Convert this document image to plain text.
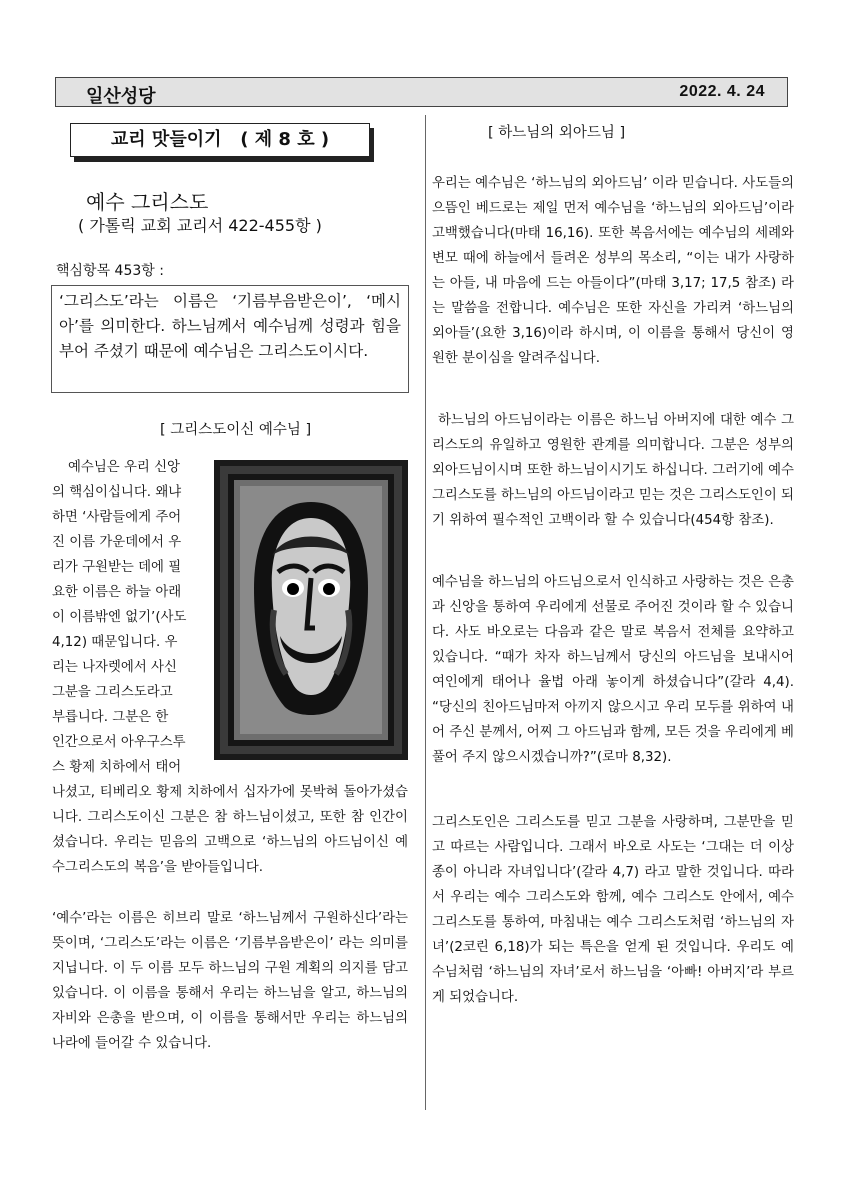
일산성당	2022. 4. 24
교리 맛들이기   ( 제 8 호 )
예수 그리스도
( 가톨릭 교회 교리서 422-455항 )
핵심항목 453항 :
‘그리스도’라는 이름은 ‘기름부음받은이’, ‘메시아’를 의미한다. 하느님께서 예수님께 성령과 힘을 부어 주셨기 때문에 예수님은 그리스도이시다.
[ 그리스도이신 예수님 ]
예수님은 우리 신앙
의 핵심이십니다. 왜냐
하면 ‘사람들에게 주어
진 이름 가운데에서 우
리가 구원받는 데에 필
요한 이름은 하늘 아래
이 이름밖엔 없기’(사도
4,12) 때문입니다. 우
리는 나자렛에서 사신
그분을 그리스도라고
부릅니다. 그분은 한
인간으로서 아우구스투
스 황제 치하에서 태어

나셨고, 티베리오 황제 치하에서 십자가에 못박혀 돌아가셨습니다. 그리스도이신 그분은 참 하느님이셨고, 또한 참 인간이셨습니다. 우리는 믿음의 고백으로 ‘하느님의 아드님이신 예수그리스도의 복음’을 받아들입니다.

‘예수’라는 이름은 히브리 말로 ‘하느님께서 구원하신다’라는 뜻이며, ‘그리스도’라는 이름은 ‘기름부음받은이’ 라는 의미를 지닙니다. 이 두 이름 모두 하느님의 구원 계획의 의지를 담고 있습니다. 이 이름을 통해서 우리는 하느님을 알고, 하느님의 자비와 은총을 받으며, 이 이름을 통해서만 우리는 하느님의 나라에 들어갈 수 있습니다.

[ 하느님의 외아드님 ]

우리는 예수님은 ‘하느님의 외아드님’ 이라 믿습니다. 사도들의 으뜸인 베드로는 제일 먼저 예수님을 ‘하느님의 외아드님’이라 고백했습니다(마태 16,16). 또한 복음서에는 예수님의 세례와 변모 때에 하늘에서 들려온 성부의 목소리, “이는 내가 사랑하는 아들, 내 마음에 드는 아들이다”(마태 3,17; 17,5 참조) 라는 말씀을 전합니다. 예수님은 또한 자신을 가리켜 ‘하느님의 외아들’(요한 3,16)이라 하시며, 이 이름을 통해서 당신이 영원한 분이심을 알려주십니다.

하느님의 아드님이라는 이름은 하느님 아버지에 대한 예수 그리스도의 유일하고 영원한 관계를 의미합니다. 그분은 성부의 외아드님이시며 또한 하느님이시기도 하십니다. 그러기에 예수 그리스도를 하느님의 아드님이라고 믿는 것은 그리스도인이 되기 위하여 필수적인 고백이라 할 수 있습니다(454항 참조).

예수님을 하느님의 아드님으로서 인식하고 사랑하는 것은 은총과 신앙을 통하여 우리에게 선물로 주어진 것이라 할 수 있습니다. 사도 바오로는 다음과 같은 말로 복음서 전체를 요약하고 있습니다. “때가 차자 하느님께서 당신의 아드님을 보내시어 여인에게 태어나 율법 아래 놓이게 하셨습니다”(갈라 4,4). “당신의 친아드님마저 아끼지 않으시고 우리 모두를 위하여 내어 주신 분께서, 어찌 그 아드님과 함께, 모든 것을 우리에게 베풀어 주지 않으시겠습니까?”(로마 8,32).

그리스도인은 그리스도를 믿고 그분을 사랑하며, 그분만을 믿고 따르는 사람입니다. 그래서 바오로 사도는 ‘그대는 더 이상 종이 아니라 자녀입니다’(갈라 4,7) 라고 말한 것입니다. 따라서 우리는 예수 그리스도와 함께, 예수 그리스도 안에서, 예수 그리스도를 통하여, 마침내는 예수 그리스도처럼 ‘하느님의 자녀’(2코린 6,18)가 되는 특은을 얻게 된 것입니다. 우리도 예수님처럼 ‘하느님의 자녀’로서 하느님을 ‘아빠! 아버지’라 부르게 되었습니다.
